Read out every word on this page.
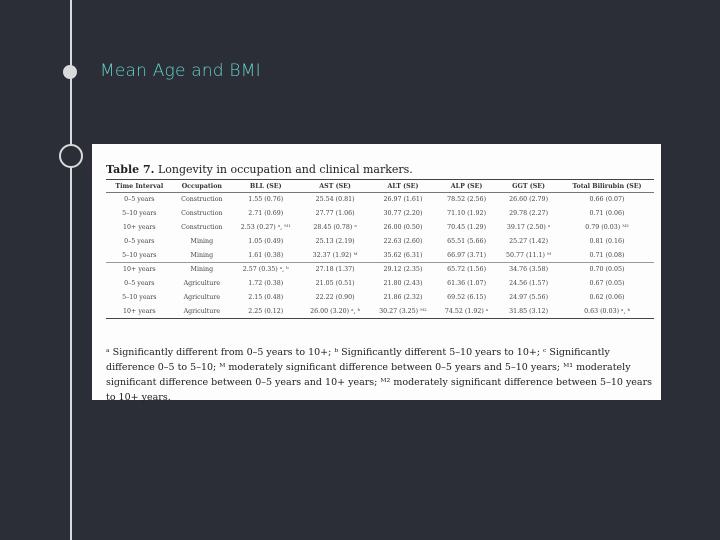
Mean Age and BMI
Table 7. Longevity in occupation and clinical markers.
Time Interval	Occupation	BLL (SE)	AST (SE)	ALT (SE)	ALP (SE)	GGT (SE)	Total Bilirubin (SE)
0–5 years	Construction	1.55 (0.76)	25.54 (0.81)	26.97 (1.61)	78.52 (2.56)	26.60 (2.79)	0.66 (0.07)
5–10 years	Construction	2.71 (0.69)	27.77 (1.06)	30.77 (2.20)	71.10 (1.92)	29.78 (2.27)	0.71 (0.06)
10+ years	Construction	2.53 (0.27) ᵃ, ᴹ¹	28.45 (0.78) ᵃ	26.00 (0.50)	70.45 (1.29)	39.17 (2.50) ᵃ	0.79 (0.03) ᴹ²
0–5 years	Mining	1.05 (0.49)	25.13 (2.19)	22.63 (2.60)	65.51 (5.66)	25.27 (1.42)	0.81 (0.16)
5–10 years	Mining	1.61 (0.38)	32.37 (1.92) ᴹ	35.62 (6.31)	66.97 (3.71)	50.77 (11.1) ᴹ	0.71 (0.08)
10+ years	Mining	2.57 (0.35) ᵃ, ᵇ	27.18 (1.37)	29.12 (2.35)	65.72 (1.56)	34.76 (3.58)	0.70 (0.05)
0–5 years	Agriculture	1.72 (0.38)	21.05 (0.51)	21.80 (2.43)	61.36 (1.07)	24.56 (1.57)	0.67 (0.05)
5–10 years	Agriculture	2.15 (0.48)	22.22 (0.90)	21.86 (2.32)	69.52 (6.15)	24.97 (5.56)	0.62 (0.06)
10+ years	Agriculture	2.25 (0.12)	26.00 (3.20) ᵃ, ᵇ	30.27 (3.25) ᴹ²	74.52 (1.92) ᵃ	31.85 (3.12)	0.63 (0.03) ᵃ, ᵇ
ᵃ Significantly different from 0–5 years to 10+; ᵇ Significantly different 5–10 years to 10+; ᶜ Significantly difference 0–5 to 5–10; ᴹ moderately significant difference between 0–5 years and 5–10 years; ᴹ¹ moderately significant difference between 0–5 years and 10+ years; ᴹ² moderately significant difference between 5–10 years to 10+ years.
